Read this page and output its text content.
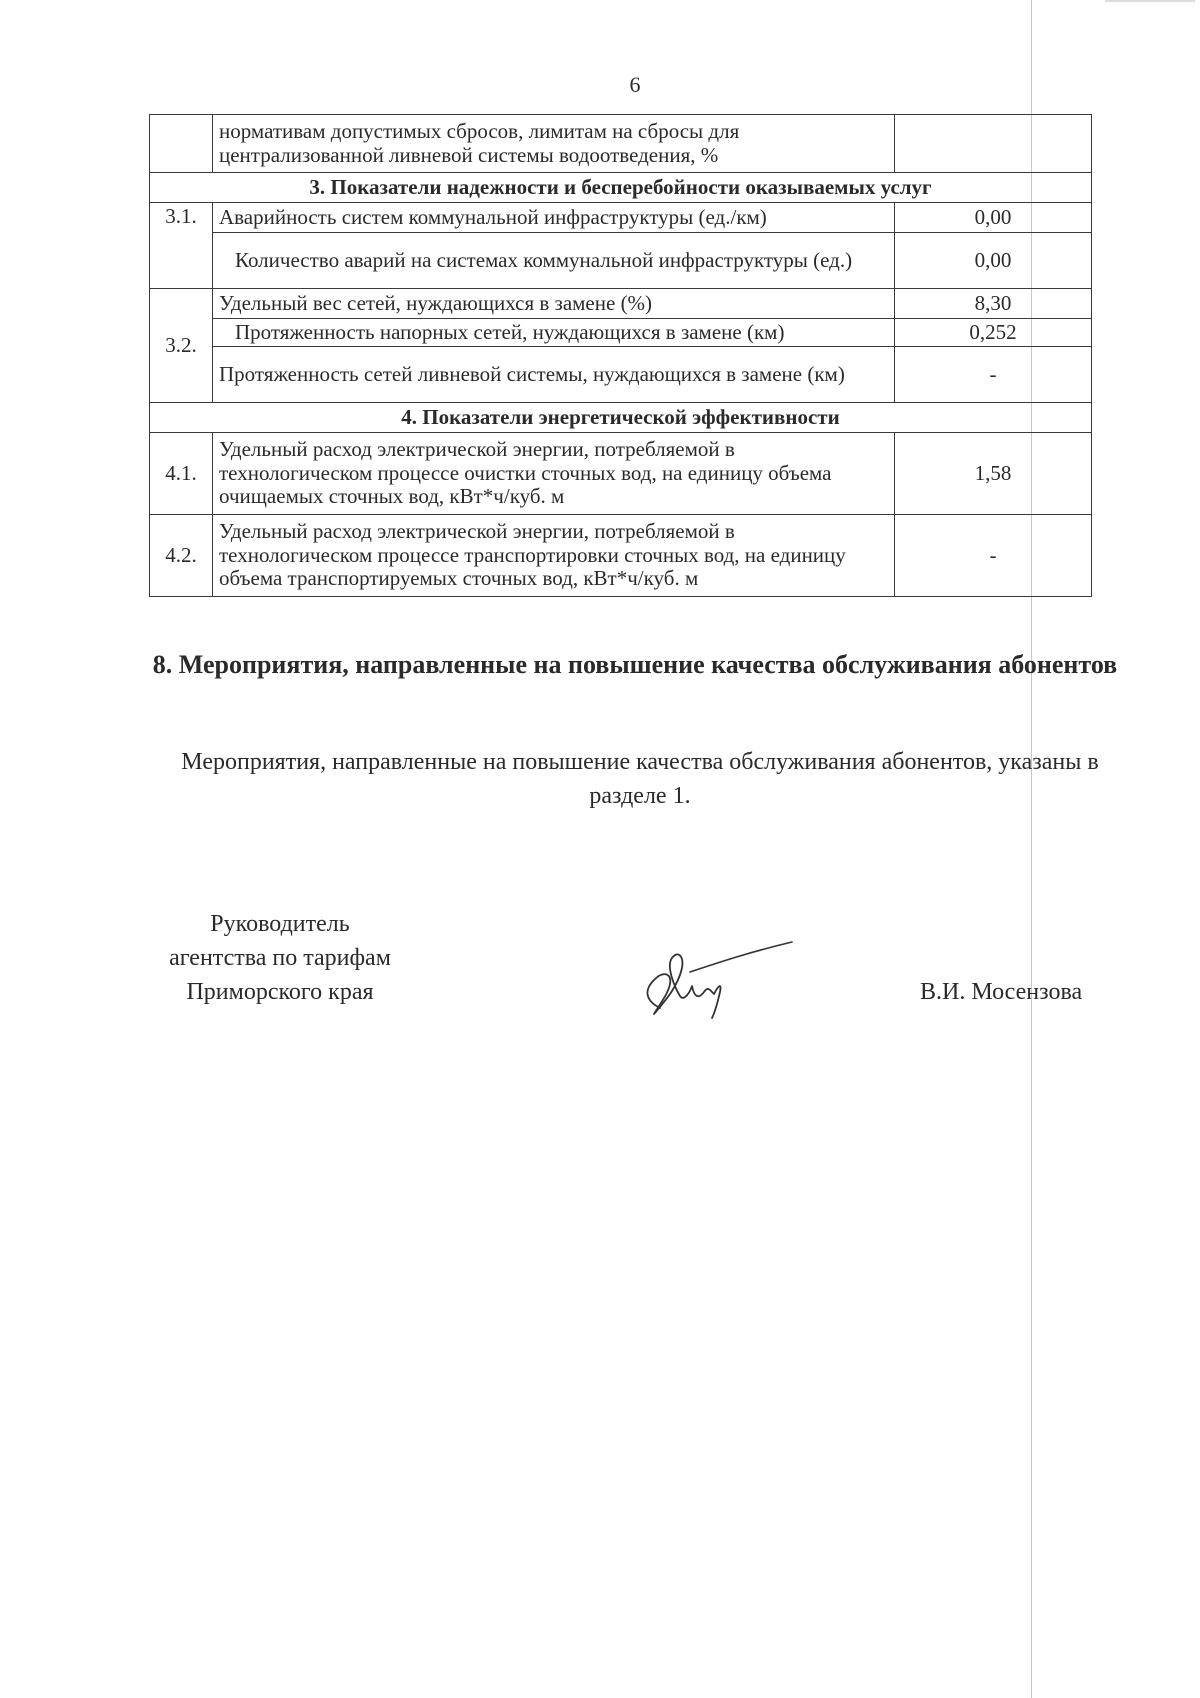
6
	нормативам допустимых сбросов, лимитам на сбросы для централизованной ливневой системы водоотведения, %	
3. Показатели надежности и бесперебойности оказываемых услуг		
3.1.	Аварийность систем коммунальной инфраструктуры (ед./км)	0,00
	Количество аварий на системах коммунальной инфраструктуры (ед.)	0,00
3.2.	Удельный вес сетей, нуждающихся в замене (%)	8,30
	Протяженность напорных сетей, нуждающихся в замене (км)	0,252
	Протяженность сетей ливневой системы, нуждающихся в замене (км)	-
4. Показатели энергетической эффективности		
4.1.	Удельный расход электрической энергии, потребляемой в технологическом процессе очистки сточных вод, на единицу объема очищаемых сточных вод, кВт*ч/куб. м	1,58
4.2.	Удельный расход электрической энергии, потребляемой в технологическом процессе транспортировки сточных вод, на единицу объема транспортируемых сточных вод, кВт*ч/куб. м	-
8. Мероприятия, направленные на повышение качества обслуживания абонентов
Мероприятия, направленные на повышение качества обслуживания абонентов, указаны в разделе 1.
Руководитель
агентства по тарифам
Приморского края	В.И. Мосензова
